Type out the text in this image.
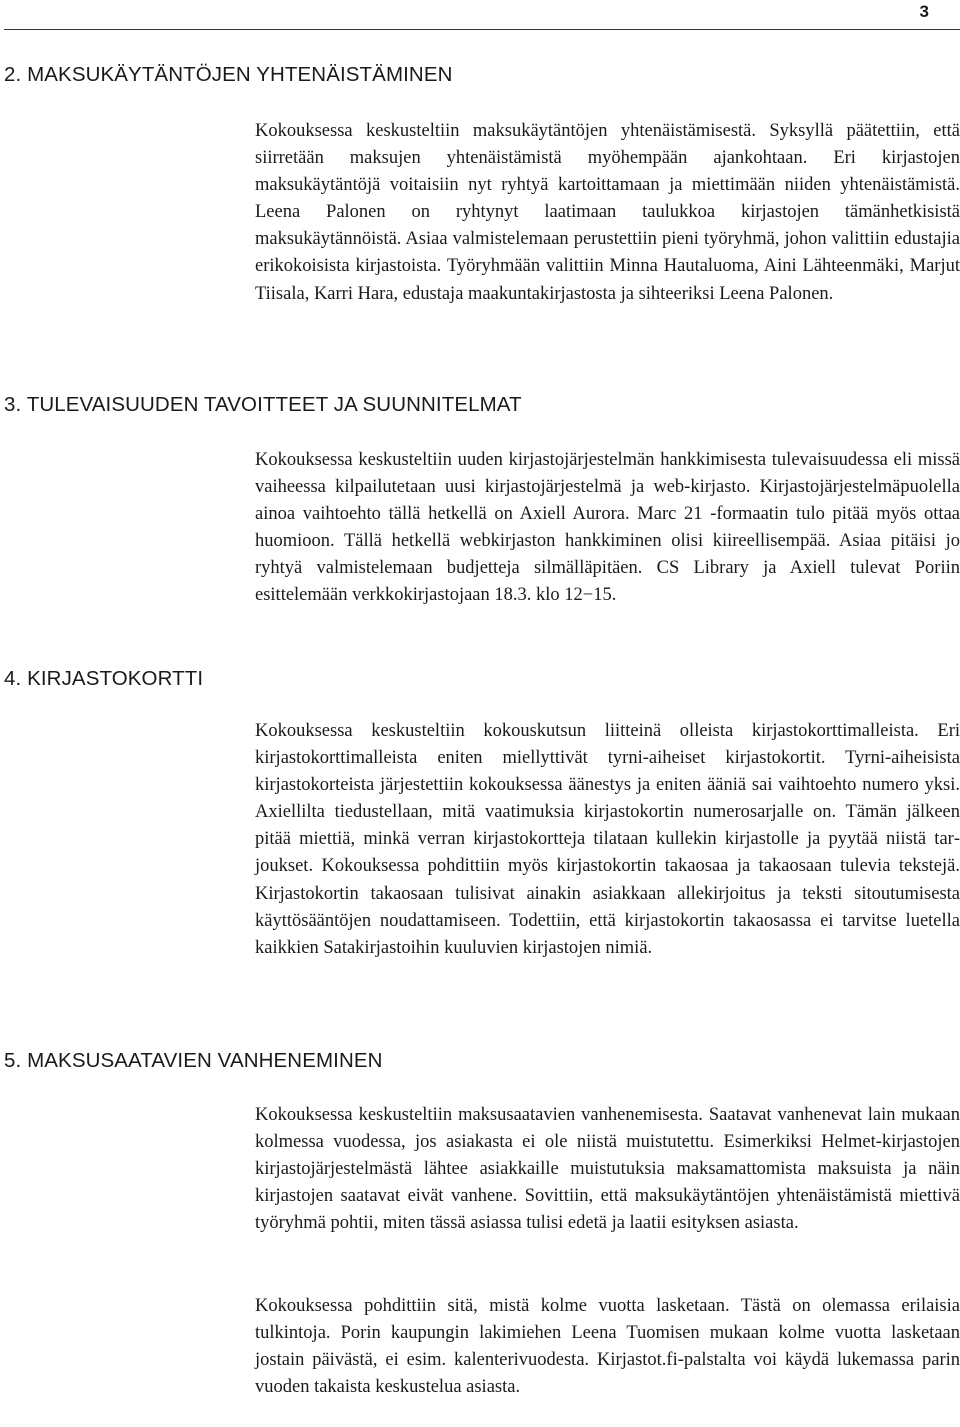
3
2. MAKSUKÄYTÄNTÖJEN YHTENÄISTÄMINEN

Kokouksessa keskusteltiin maksukäytäntöjen yhtenäistämisestä. Syksyllä päätettiin, että siirretään maksujen yhtenäistämistä myöhempään ajankohtaan. Eri kirjastojen maksukäytäntöjä voitaisiin nyt ryhtyä kartoittamaan ja miettimään niiden yhtenäistämistä. Leena Palonen on ryhtynyt laatimaan taulukkoa kirjastojen tämänhetkisistä maksukäytännöistä. Asiaa valmistelemaan perustettiin pieni työryhmä, johon valittiin edustajia erikokoisista kirjastoista. Työryhmään valittiin Minna Hautaluoma, Aini Lähteenmäki, Marjut Tiisala, Karri Hara, edustaja maakuntakirjastosta ja sihteeriksi Leena Palonen.

3. TULEVAISUUDEN TAVOITTEET JA SUUNNITELMAT

Kokouksessa keskusteltiin uuden kirjastojärjestelmän hankkimisesta tulevaisuudessa eli missä vaiheessa kilpailutetaan uusi kirjastojärjestelmä ja web-kirjasto. Kirjastojärjestelmäpuolella ainoa vaihtoehto tällä hetkellä on Axiell Aurora. Marc 21 -formaatin tulo pitää myös ottaa huomioon. Tällä hetkellä webkirjaston hankkiminen olisi kiireellisempää. Asiaa pitäisi jo ryhtyä valmistelemaan budjetteja silmälläpitäen. CS Library ja Axiell tulevat Poriin esittelemään verkkokirjastojaan 18.3. klo 12−15.

4. KIRJASTOKORTTI

Kokouksessa keskusteltiin kokouskutsun liitteinä olleista kirjastokorttimalleista. Eri kirjastokorttimalleista eniten miellyttivät tyrni-aiheiset kirjastokortit. Tyrni-aiheisista kirjastokorteista järjestettiin kokouksessa äänestys ja eniten ääniä sai vaihtoehto numero yksi. Axiellilta tiedustellaan, mitä vaatimuksia kirjastokortin numerosarjalle on. Tämän jälkeen pitää miettiä, minkä verran kirjastokortteja tilataan kullekin kirjastolle ja pyytää niistä tarjoukset. Kokouksessa pohdittiin myös kirjastokortin takaosaa ja takaosaan tulevia tekstejä. Kirjastokortin takaosaan tulisivat ainakin asiakkaan allekirjoitus ja teksti sitoutumisesta käyttösääntöjen noudattamiseen. Todettiin, että kirjastokortin takaosassa ei tarvitse luetella kaikkien Satakirjastoihin kuuluvien kirjastojen nimiä.

5. MAKSUSAATAVIEN VANHENEMINEN

Kokouksessa keskusteltiin maksusaatavien vanhenemisesta. Saatavat vanhenevat lain mukaan kolmessa vuodessa, jos asiakasta ei ole niistä muistutettu. Esimerkiksi Helmet-kirjastojen kirjastojärjestelmästä lähtee asiakkaille muistutuksia maksamattomista maksuista ja näin kirjastojen saatavat eivät vanhene. Sovittiin, että maksukäytäntöjen yhtenäistämistä miettivä työryhmä pohtii, miten tässä asiassa tulisi edetä ja laatii esityksen asiasta.

Kokouksessa pohdittiin sitä, mistä kolme vuotta lasketaan. Tästä on olemassa erilaisia tulkintoja. Porin kaupungin lakimiehen Leena Tuomisen mukaan kolme vuotta lasketaan jostain päivästä, ei esim. kalenterivuodesta. Kirjastot.fi-palstalta voi käydä lukemassa parin vuoden takaista keskustelua asiasta.
